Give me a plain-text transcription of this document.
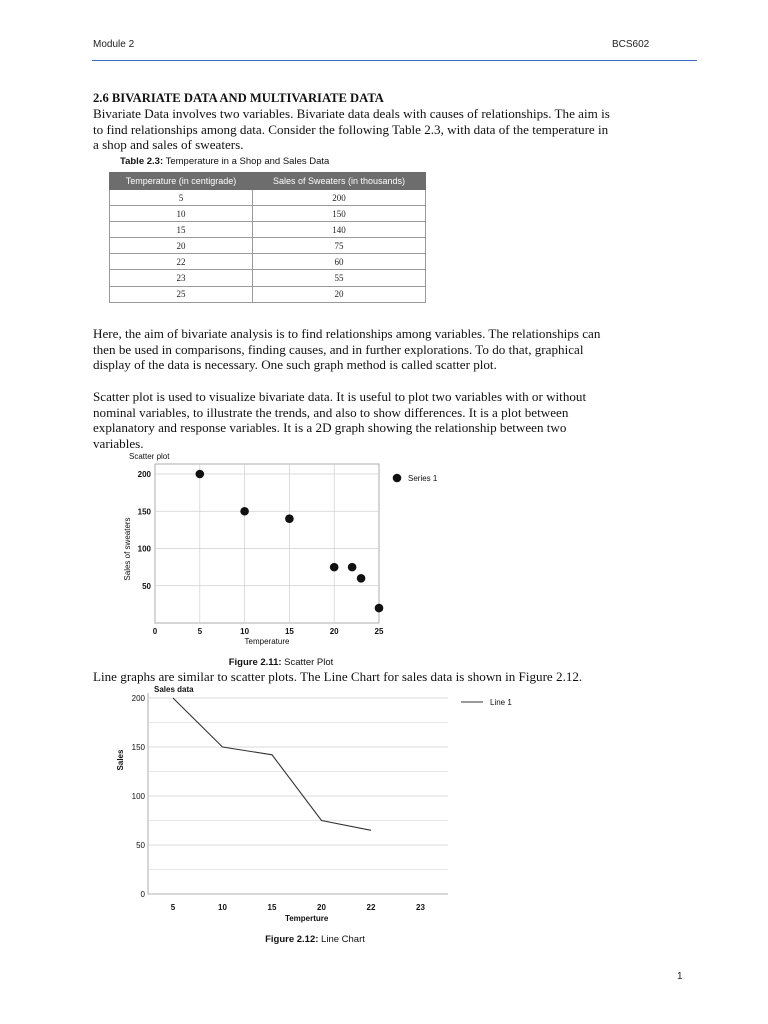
Module 2	BCS602
2.6 BIVARIATE DATA AND MULTIVARIATE DATA

Bivariate Data involves two variables. Bivariate data deals with causes of relationships. The aim is
to find relationships among data. Consider the following Table 2.3, with data of the temperature in
a shop and sales of sweaters.

Table 2.3: Temperature in a Shop and Sales Data
Temperature (in centigrade)	Sales of Sweaters (in thousands)
5	200
10	150
15	140
20	75
22	60
23	55
25	20

Here, the aim of bivariate analysis is to find relationships among variables. The relationships can
then be used in comparisons, finding causes, and in further explorations. To do that, graphical
display of the data is necessary. One such graph method is called scatter plot.

Scatter plot is used to visualize bivariate data. It is useful to plot two variables with or without
nominal variables, to illustrate the trends, and also to show differences. It is a plot between
explanatory and response variables. It is a 2D graph showing the relationship between two
variables.

Line graphs are similar to scatter plots. The Line Chart for sales data is shown in Figure 2.12.

0	5	10	15	20	25
50
100
150
200
Scatter plot
Temperature
Sales of sweaters
Series 1
Figure 2.11: Scatter Plot
0
50
100
150
200
5	10	15	20	22	23
Sales data
Temperture
Sales
Line 1
Figure 2.12: Line Chart
1
